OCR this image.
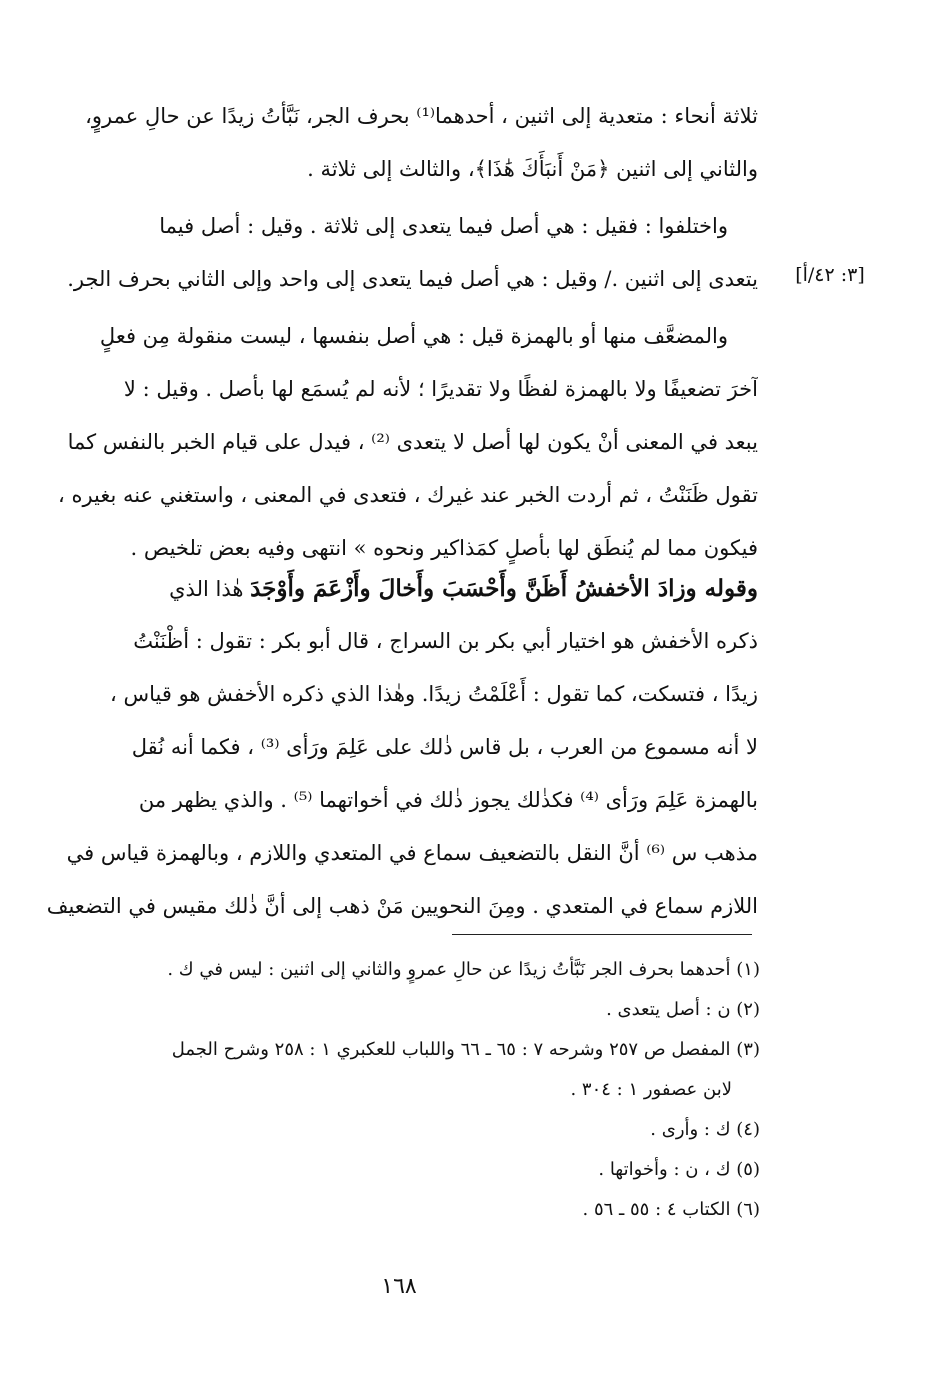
ثلاثة أنحاء : متعدية إلى اثنين ، أحدهما⁽¹⁾ بحرف الجر، نَبَّأتُ زيدًا عن حالِ عمروٍ،
والثاني إلى اثنين ﴿مَنْ أَنبَأَكَ هَٰذَا﴾، والثالث إلى ثلاثة .
واختلفوا : فقيل : هي أصل فيما يتعدى إلى ثلاثة . وقيل : أصل فيما
يتعدى إلى اثنين ./ وقيل : هي أصل فيما يتعدى إلى واحد وإلى الثاني بحرف الجر. [٣: ٤٢/أ]
والمضعَّف منها أو بالهمزة قيل : هي أصل بنفسها ، ليست منقولة مِن فعلٍ
آخرَ تضعيفًا ولا بالهمزة لفظًا ولا تقديرًا ؛ لأنه لم يُسمَع لها بأصل . وقيل : لا
يبعد في المعنى أنْ يكون لها أصل لا يتعدى ⁽²⁾ ، فيدل على قيام الخبر بالنفس كما
تقول ظَنَنْتُ ، ثم أردت الخبر عند غيرك ، فتعدى في المعنى ، واستغني عنه بغيره ،
فيكون مما لم يُنطَق لها بأصلٍ كمَذاكير ونحوه » انتهى وفيه بعض تلخيص .
وقوله وزادَ الأخفشُ أَظَنَّ وأَحْسَبَ وأَخالَ وأَزْعَمَ وأَوْجَدَ هٰذا الذي
ذكره الأخفش هو اختيار أبي بكر بن السراج ، قال أبو بكر : تقول : أظْنَنْتُ
زيدًا ، فتسكت، كما تقول : أَعْلَمْتُ زيدًا. وهٰذا الذي ذكره الأخفش هو قياس ،
لا أنه مسموع من العرب ، بل قاس ذٰلك على عَلِمَ ورَأى ⁽³⁾ ، فكما أنه نُقل
بالهمزة عَلِمَ ورَأى ⁽⁴⁾ فكذٰلك يجوز ذٰلك في أخواتهما ⁽⁵⁾ . والذي يظهر من
مذهب س ⁽⁶⁾ أنَّ النقل بالتضعيف سماع في المتعدي واللازم ، وبالهمزة قياس في
اللازم سماع في المتعدي . ومِنَ النحويين مَنْ ذهب إلى أنَّ ذٰلك مقيس في التضعيف
(١) أحدهما بحرف الجر نَبَّأتُ زيدًا عن حالِ عمروٍ والثاني إلى اثنين : ليس في ك .
(٢) ن : أصل يتعدى .
(٣) المفصل ص ٢٥٧ وشرحه ٧ : ٦٥ ـ ٦٦ واللباب للعكبري ١ : ٢٥٨ وشرح الجمل
لابن عصفور ١ : ٣٠٤ .
(٤) ك : وأرى .
(٥) ك ، ن : وأخواتها .
(٦) الكتاب ٤ : ٥٥ ـ ٥٦ .
١٦٨
